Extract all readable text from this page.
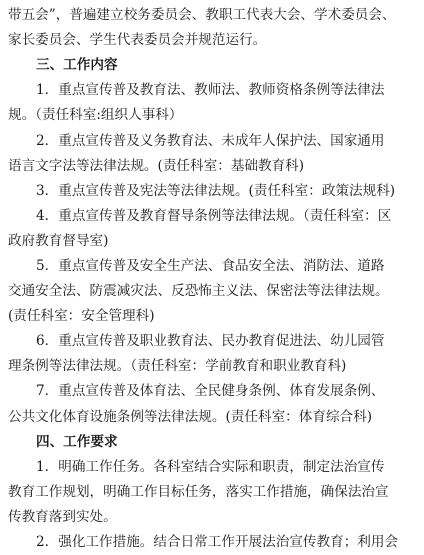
带五会”，普遍建立校务委员会、教职工代表大会、学术委员会、
家长委员会、学生代表委员会并规范运行。
三、工作内容
1．重点宣传普及教育法、教师法、教师资格条例等法律法
规。（责任科室:组织人事科）
2．重点宣传普及义务教育法、未成年人保护法、国家通用
语言文字法等法律法规。(责任科室：基础教育科)
3．重点宣传普及宪法等法律法规。(责任科室：政策法规科)
4．重点宣传普及教育督导条例等法律法规。（责任科室：区
政府教育督导室)
5．重点宣传普及安全生产法、食品安全法、消防法、道路
交通安全法、防震减灾法、反恐怖主义法、保密法等法律法规。
(责任科室：安全管理科)
6．重点宣传普及职业教育法、民办教育促进法、幼儿园管
理条例等法律法规。（责任科室：学前教育和职业教育科)
7．重点宣传普及体育法、全民健身条例、体育发展条例、
公共文化体育设施条例等法律法规。(责任科室：体育综合科)
四、工作要求
1．明确工作任务。各科室结合实际和职责，制定法治宣传
教育工作规划，明确工作目标任务，落实工作措施，确保法治宣
传教育落到实处。
2．强化工作措施。结合日常工作开展法治宣传教育；利用会
